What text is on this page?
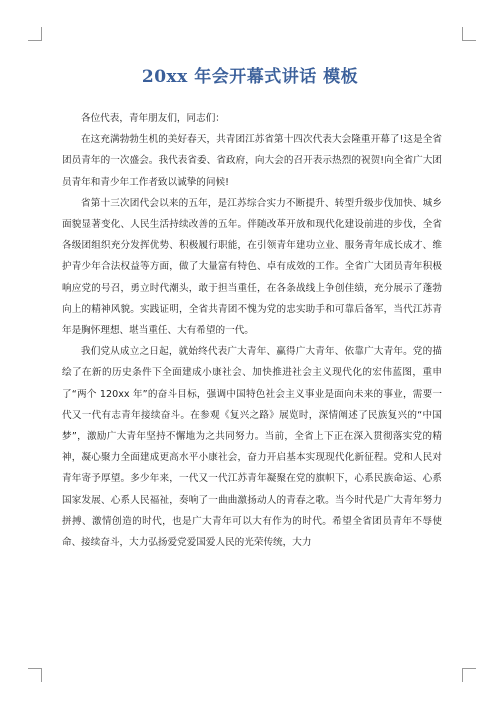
20xx 年会开幕式讲话 模板

各位代表，青年朋友们，同志们：

在这充满勃勃生机的美好春天，共青团江苏省第十四次代表大会隆重开幕了!这是全省团员青年的一次盛会。我代表省委、省政府，向大会的召开表示热烈的祝贺!向全省广大团员青年和青少年工作者致以诚挚的问候!

省第十三次团代会以来的五年，是江苏综合实力不断提升、转型升级步伐加快、城乡面貌显著变化、人民生活持续改善的五年。伴随改革开放和现代化建设前进的步伐，全省各级团组织充分发挥优势、积极履行职能，在引领青年建功立业、服务青年成长成才、维护青少年合法权益等方面，做了大量富有特色、卓有成效的工作。全省广大团员青年积极响应党的号召，勇立时代潮头，敢于担当重任，在各条战线上争创佳绩，充分展示了蓬勃向上的精神风貌。实践证明，全省共青团不愧为党的忠实助手和可靠后备军，当代江苏青年是胸怀理想、堪当重任、大有希望的一代。

我们党从成立之日起，就始终代表广大青年、赢得广大青年、依靠广大青年。党的描绘了在新的历史条件下全面建成小康社会、加快推进社会主义现代化的宏伟蓝图，重申了“两个 120xx 年”的奋斗目标，强调中国特色社会主义事业是面向未来的事业，需要一代又一代有志青年接续奋斗。在参观《复兴之路》展览时，深情阐述了民族复兴的“中国梦”，激励广大青年坚持不懈地为之共同努力。当前，全省上下正在深入贯彻落实党的精神，凝心聚力全面建成更高水平小康社会，奋力开启基本实现现代化新征程。党和人民对青年寄予厚望。多少年来，一代又一代江苏青年凝聚在党的旗帜下，心系民族命运、心系国家发展、心系人民福祉，奏响了一曲曲激扬动人的青春之歌。当今时代是广大青年努力拼搏、激情创造的时代，也是广大青年可以大有作为的时代。希望全省团员青年不辱使命、接续奋斗，大力弘扬爱党爱国爱人民的光荣传统，大力
